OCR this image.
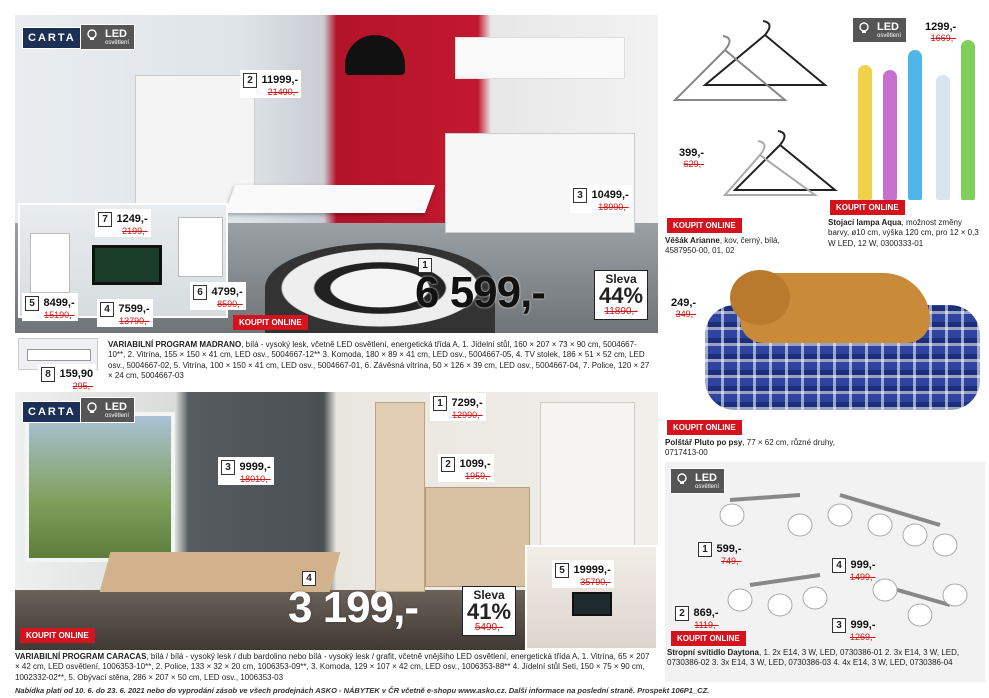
CARTA	LED
osvětlení
2 11999,-
21490,-
3 10499,-
18990,-
7 1249,-
2199,-
5 8499,-
15190,-	4 7599,-
13790,-
6 4799,-
8590,-
1
6 599,-	Sleva
44%
11890,-
KOUPIT ONLINE
8 159,90
295,-
VARIABILNÍ PROGRAM MADRANO, bílá - vysoký lesk, včetně LED osvětlení, energetická třída A, 1. Jídelní stůl, 160 × 207 × 73 × 90 cm, 5004667-10**, 2. Vitrína, 155 × 150 × 41 cm, LED osv., 5004667-12** 3. Komoda, 180 × 89 × 41 cm, LED osv., 5004667-05, 4. TV stolek, 186 × 51 × 52 cm, LED osv., 5004667-02, 5. Vitrína, 100 × 150 × 41 cm, LED osv., 5004667-01, 6. Závěsná vitrína, 50 × 126 × 39 cm, LED osv., 5004667-04, 7. Police, 120 × 27 × 24 cm, 5004667-03
CARTA	LED
osvětlení
1 7299,-
12990,-
2 1099,-
1959,-
3 9999,-
18010,-
5 19999,-
35790,-
4
3 199,-	Sleva
41%
5490,-
KOUPIT ONLINE
VARIABILNÍ PROGRAM CARACAS, bílá / bílá - vysoký lesk / dub bardolino nebo bílá - vysoký lesk / grafit, včetně vnějšího LED osvětlení, energetická třída A, 1. Vitrína, 65 × 207 × 42 cm, LED osvětlení, 1006353-10**, 2. Police, 133 × 32 × 20 cm, 1006353-09**, 3. Komoda, 129 × 107 × 42 cm, LED osv., 1006353-88** 4. Jídelní stůl Seti, 150 × 75 × 90 cm, 1002332-02**, 5. Obývací stěna, 286 × 207 × 50 cm, LED osv., 1006353-03
399,-
629,-
KOUPIT ONLINE
Věšák Arianne, kov, černý, bílá, 4587950-00, 01, 02
LED
osvětlení
1299,-
1669,-
KOUPIT ONLINE
Stojací lampa Aqua, možnost změny barvy, ø10 cm, výška 120 cm, pro 12 × 0,3 W LED, 12 W, 0300333-01
249,-
349,-
KOUPIT ONLINE
Polštář Pluto po psy, 77 × 62 cm, různé druhy, 0717413-00
LED
osvětlení
1 599,-
749,-	4 999,-
1499,-
2 869,-
1119,-	3 999,-
1269,-
KOUPIT ONLINE
Stropní svítidlo Daytona, 1. 2x E14, 3 W, LED, 0730386-01 2. 3x E14, 3 W, LED, 0730386-02 3. 3x E14, 3 W, LED, 0730386-03 4. 4x E14, 3 W, LED, 0730386-04
Nabídka platí od 10. 6. do 23. 6. 2021 nebo do vyprodání zásob ve všech prodejnách ASKO - NÁBYTEK v ČR včetně e-shopu www.asko.cz. Další informace na poslední straně. Prospekt 106P1_CZ.
